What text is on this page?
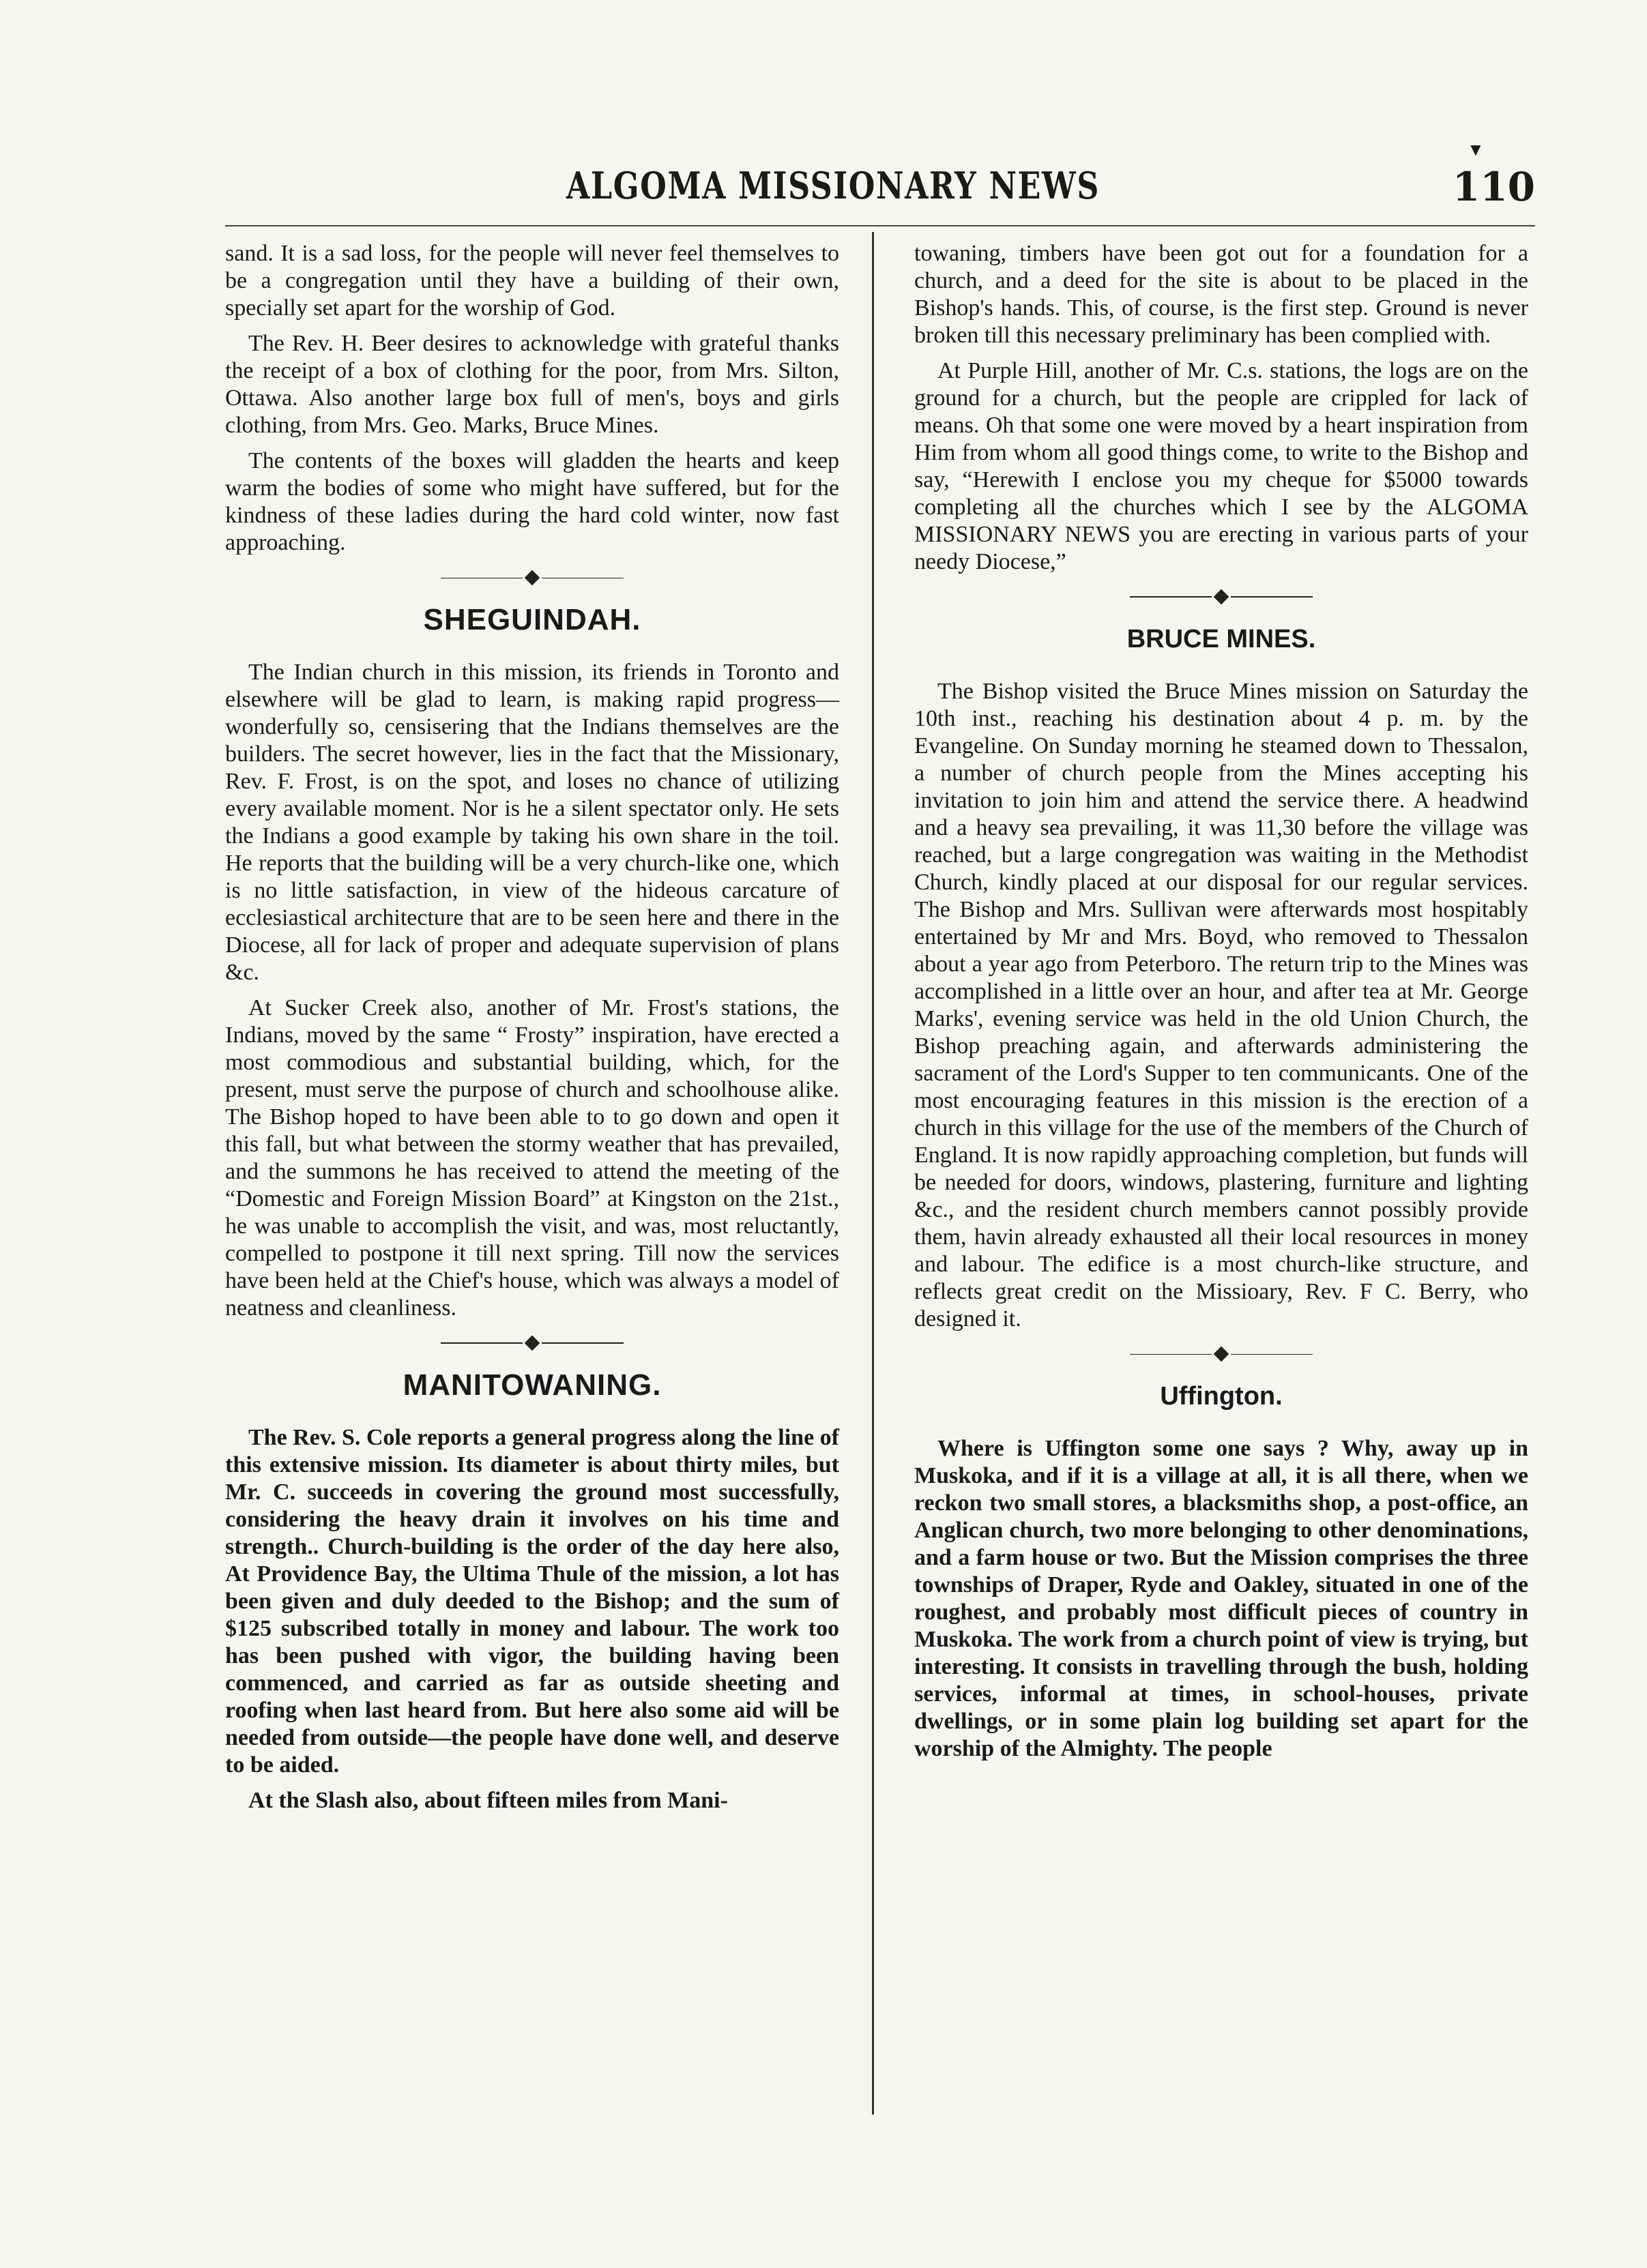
▼
ALGOMA MISSIONARY NEWS	110

sand. It is a sad loss, for the people will never feel themselves to be a congregation until they have a building of their own, specially set apart for the worship of God.

The Rev. H. Beer desires to acknowledge with grateful thanks the receipt of a box of clothing for the poor, from Mrs. Silton, Ottawa. Also another large box full of men's, boys and girls clothing, from Mrs. Geo. Marks, Bruce Mines.

The contents of the boxes will gladden the hearts and keep warm the bodies of some who might have suffered, but for the kindness of these ladies during the hard cold winter, now fast approaching.

SHEGUINDAH.

The Indian church in this mission, its friends in Toronto and elsewhere will be glad to learn, is making rapid progress—wonderfully so, censisering that the Indians themselves are the builders. The secret however, lies in the fact that the Missionary, Rev. F. Frost, is on the spot, and loses no chance of utilizing every available moment. Nor is he a silent spectator only. He sets the Indians a good example by taking his own share in the toil. He reports that the building will be a very church-like one, which is no little satisfaction, in view of the hideous carcature of ecclesiastical architecture that are to be seen here and there in the Diocese, all for lack of proper and adequate supervision of plans &c.

At Sucker Creek also, another of Mr. Frost's stations, the Indians, moved by the same “ Frosty” inspiration, have erected a most commodious and substantial building, which, for the present, must serve the purpose of church and schoolhouse alike. The Bishop hoped to have been able to to go down and open it this fall, but what between the stormy weather that has prevailed, and the summons he has received to attend the meeting of the “Domestic and Foreign Mission Board” at Kingston on the 21st., he was unable to accomplish the visit, and was, most reluctantly, compelled to postpone it till next spring. Till now the services have been held at the Chief's house, which was always a model of neatness and cleanliness.

MANITOWANING.

The Rev. S. Cole reports a general progress along the line of this extensive mission. Its diameter is about thirty miles, but Mr. C. succeeds in covering the ground most successfully, considering the heavy drain it involves on his time and strength.. Church-building is the order of the day here also, At Providence Bay, the Ultima Thule of the mission, a lot has been given and duly deeded to the Bishop; and the sum of $125 subscribed totally in money and labour. The work too has been pushed with vigor, the building having been commenced, and carried as far as outside sheeting and roofing when last heard from. But here also some aid will be needed from outside—the people have done well, and deserve to be aided.

At the Slash also, about fifteen miles from Mani-

towaning, timbers have been got out for a foundation for a church, and a deed for the site is about to be placed in the Bishop's hands. This, of course, is the first step. Ground is never broken till this necessary preliminary has been complied with.

At Purple Hill, another of Mr. C.s. stations, the logs are on the ground for a church, but the people are crippled for lack of means. Oh that some one were moved by a heart inspiration from Him from whom all good things come, to write to the Bishop and say, “Herewith I enclose you my cheque for $5000 towards completing all the churches which I see by the ALGOMA MISSIONARY NEWS you are erecting in various parts of your needy Diocese,”

BRUCE MINES.

The Bishop visited the Bruce Mines mission on Saturday the 10th inst., reaching his destination about 4 p. m. by the Evangeline. On Sunday morning he steamed down to Thessalon, a number of church people from the Mines accepting his invitation to join him and attend the service there. A headwind and a heavy sea prevailing, it was 11,30 before the village was reached, but a large congregation was waiting in the Methodist Church, kindly placed at our disposal for our regular services. The Bishop and Mrs. Sullivan were afterwards most hospitably entertained by Mr and Mrs. Boyd, who removed to Thessalon about a year ago from Peterboro. The return trip to the Mines was accomplished in a little over an hour, and after tea at Mr. George Marks', evening service was held in the old Union Church, the Bishop preaching again, and afterwards administering the sacrament of the Lord's Supper to ten communicants. One of the most encouraging features in this mission is the erection of a church in this village for the use of the members of the Church of England. It is now rapidly approaching completion, but funds will be needed for doors, windows, plastering, furniture and lighting &c., and the resident church members cannot possibly provide them, havin already exhausted all their local resources in money and labour. The edifice is a most church-like structure, and reflects great credit on the Missioary, Rev. F C. Berry, who designed it.

Uffington.

Where is Uffington some one says ? Why, away up in Muskoka, and if it is a village at all, it is all there, when we reckon two small stores, a blacksmiths shop, a post-office, an Anglican church, two more belonging to other denominations, and a farm house or two. But the Mission comprises the three townships of Draper, Ryde and Oakley, situated in one of the roughest, and probably most difficult pieces of country in Muskoka. The work from a church point of view is trying, but interesting. It consists in travelling through the bush, holding services, informal at times, in school-houses, private dwellings, or in some plain log building set apart for the worship of the Almighty. The people
